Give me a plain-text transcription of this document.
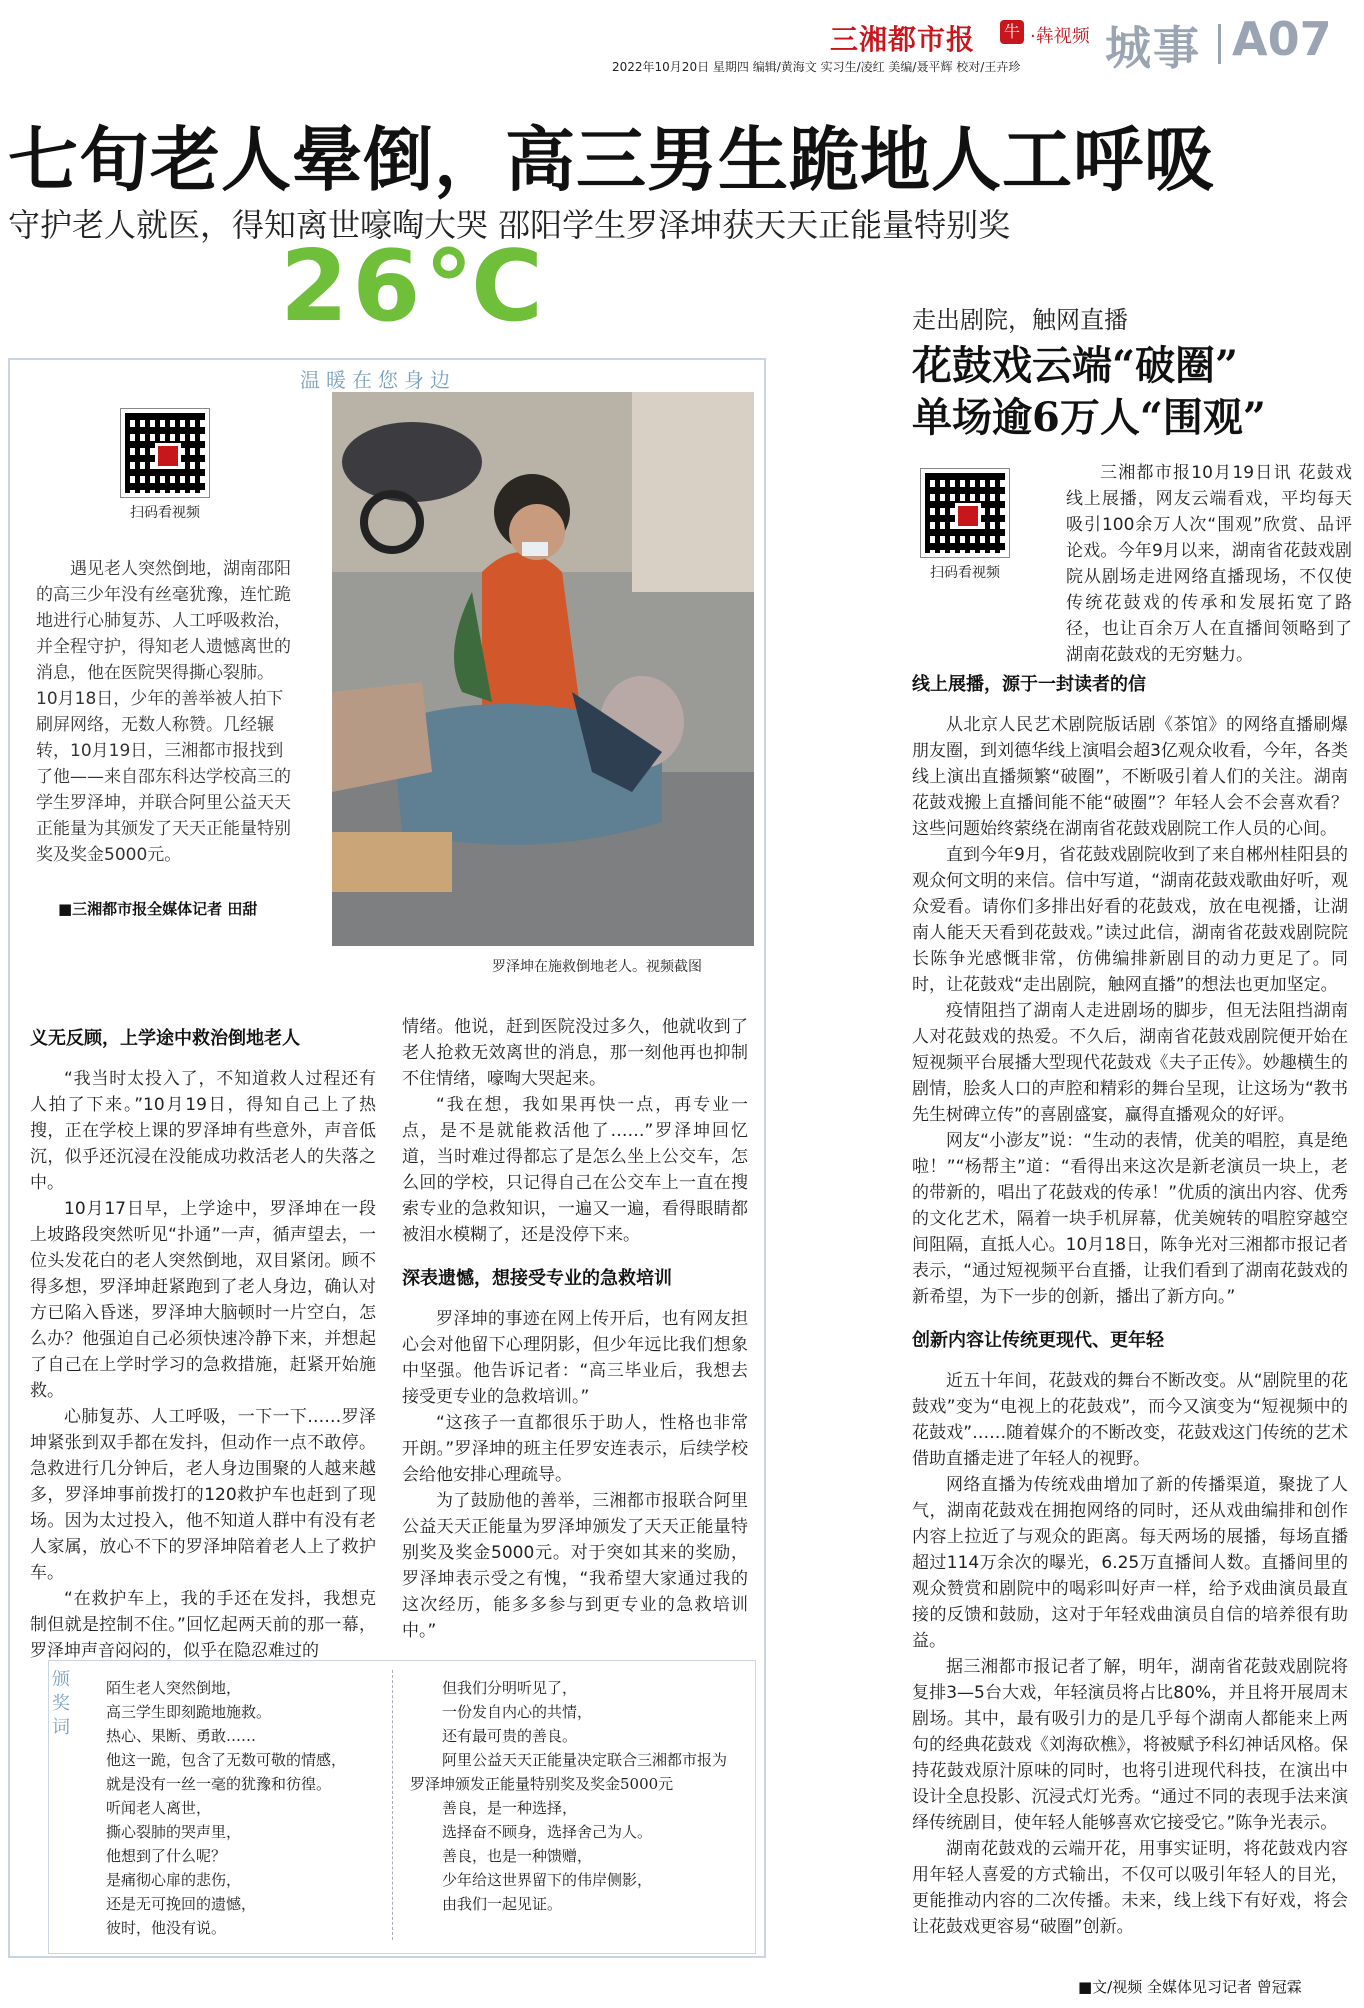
三湘都市报 牛 ·犇视频 城事 A07
2022年10月20日 星期四 编辑/黄海文 实习生/凌红 美编/聂平辉 校对/王卉珍
七旬老人晕倒，高三男生跪地人工呼吸
守护老人就医，得知离世嚎啕大哭 邵阳学生罗泽坤获天天正能量特别奖
26℃
温暖在您身边
扫码看视频
遇见老人突然倒地，湖南邵阳的高三少年没有丝毫犹豫，连忙跪地进行心肺复苏、人工呼吸救治，并全程守护，得知老人遗憾离世的消息，他在医院哭得撕心裂肺。10月18日，少年的善举被人拍下刷屏网络，无数人称赞。几经辗转，10月19日，三湘都市报找到了他——来自邵东科达学校高三的学生罗泽坤，并联合阿里公益天天正能量为其颁发了天天正能量特别奖及奖金5000元。
■三湘都市报全媒体记者 田甜
罗泽坤在施救倒地老人。视频截图
义无反顾，上学途中救治倒地老人

“我当时太投入了，不知道救人过程还有人拍了下来。”10月19日，得知自己上了热搜，正在学校上课的罗泽坤有些意外，声音低沉，似乎还沉浸在没能成功救活老人的失落之中。

10月17日早，上学途中，罗泽坤在一段上坡路段突然听见“扑通”一声，循声望去，一位头发花白的老人突然倒地，双目紧闭。顾不得多想，罗泽坤赶紧跑到了老人身边，确认对方已陷入昏迷，罗泽坤大脑顿时一片空白，怎么办？他强迫自己必须快速冷静下来，并想起了自己在上学时学习的急救措施，赶紧开始施救。

心肺复苏、人工呼吸，一下一下……罗泽坤紧张到双手都在发抖，但动作一点不敢停。急救进行几分钟后，老人身边围聚的人越来越多，罗泽坤事前拨打的120救护车也赶到了现场。因为太过投入，他不知道人群中有没有老人家属，放心不下的罗泽坤陪着老人上了救护车。

“在救护车上，我的手还在发抖，我想克制但就是控制不住。”回忆起两天前的那一幕，罗泽坤声音闷闷的，似乎在隐忍难过的

情绪。他说，赶到医院没过多久，他就收到了老人抢救无效离世的消息，那一刻他再也抑制不住情绪，嚎啕大哭起来。

“我在想，我如果再快一点，再专业一点，是不是就能救活他了……”罗泽坤回忆道，当时难过得都忘了是怎么坐上公交车，怎么回的学校，只记得自己在公交车上一直在搜索专业的急救知识，一遍又一遍，看得眼睛都被泪水模糊了，还是没停下来。

深表遗憾，想接受专业的急救培训

罗泽坤的事迹在网上传开后，也有网友担心会对他留下心理阴影，但少年远比我们想象中坚强。他告诉记者：“高三毕业后，我想去接受更专业的急救培训。”

“这孩子一直都很乐于助人，性格也非常开朗。”罗泽坤的班主任罗安连表示，后续学校会给他安排心理疏导。

为了鼓励他的善举，三湘都市报联合阿里公益天天正能量为罗泽坤颁发了天天正能量特别奖及奖金5000元。对于突如其来的奖励，罗泽坤表示受之有愧，“我希望大家通过我的这次经历，能多多参与到更专业的急救培训中。”

颁奖词
陌生老人突然倒地，
高三学生即刻跪地施救。
热心、果断、勇敢……
他这一跪，包含了无数可敬的情感，
就是没有一丝一毫的犹豫和彷徨。
听闻老人离世，
撕心裂肺的哭声里，
他想到了什么呢？
是痛彻心扉的悲伤，
还是无可挽回的遗憾，
彼时，他没有说。
但我们分明听见了，
一份发自内心的共情，
还有最可贵的善良。
阿里公益天天正能量决定联合三湘都市报为罗泽坤颁发正能量特别奖及奖金5000元
善良，是一种选择，
选择奋不顾身，选择舍己为人。
善良，也是一种馈赠，
少年给这世界留下的伟岸侧影，
由我们一起见证。
走出剧院，触网直播
花鼓戏云端“破圈”
单场逾6万人“围观”
扫码看视频
三湘都市报10月19日讯 花鼓戏线上展播，网友云端看戏，平均每天吸引100余万人次“围观”欣赏、品评论戏。今年9月以来，湖南省花鼓戏剧院从剧场走进网络直播现场，不仅使传统花鼓戏的传承和发展拓宽了路径，也让百余万人在直播间领略到了湖南花鼓戏的无穷魅力。
线上展播，源于一封读者的信

从北京人民艺术剧院版话剧《茶馆》的网络直播刷爆朋友圈，到刘德华线上演唱会超3亿观众收看，今年，各类线上演出直播频繁“破圈”，不断吸引着人们的关注。湖南花鼓戏搬上直播间能不能“破圈”？年轻人会不会喜欢看？这些问题始终萦绕在湖南省花鼓戏剧院工作人员的心间。

直到今年9月，省花鼓戏剧院收到了来自郴州桂阳县的观众何文明的来信。信中写道，“湖南花鼓戏歌曲好听，观众爱看。请你们多排出好看的花鼓戏，放在电视播，让湖南人能天天看到花鼓戏。”读过此信，湖南省花鼓戏剧院院长陈争光感慨非常，仿佛编排新剧目的动力更足了。同时，让花鼓戏“走出剧院，触网直播”的想法也更加坚定。

疫情阻挡了湖南人走进剧场的脚步，但无法阻挡湖南人对花鼓戏的热爱。不久后，湖南省花鼓戏剧院便开始在短视频平台展播大型现代花鼓戏《夫子正传》。妙趣横生的剧情，脍炙人口的声腔和精彩的舞台呈现，让这场为“教书先生树碑立传”的喜剧盛宴，赢得直播观众的好评。

网友“小澎友”说：“生动的表情，优美的唱腔，真是绝啦！”“杨帮主”道：“看得出来这次是新老演员一块上，老的带新的，唱出了花鼓戏的传承！”优质的演出内容、优秀的文化艺术，隔着一块手机屏幕，优美婉转的唱腔穿越空间阻隔，直抵人心。10月18日，陈争光对三湘都市报记者表示，“通过短视频平台直播，让我们看到了湖南花鼓戏的新希望，为下一步的创新，播出了新方向。”

创新内容让传统更现代、更年轻

近五十年间，花鼓戏的舞台不断改变。从“剧院里的花鼓戏”变为“电视上的花鼓戏”，而今又演变为“短视频中的花鼓戏”……随着媒介的不断改变，花鼓戏这门传统的艺术借助直播走进了年轻人的视野。

网络直播为传统戏曲增加了新的传播渠道，聚拢了人气，湖南花鼓戏在拥抱网络的同时，还从戏曲编排和创作内容上拉近了与观众的距离。每天两场的展播，每场直播超过114万余次的曝光，6.25万直播间人数。直播间里的观众赞赏和剧院中的喝彩叫好声一样，给予戏曲演员最直接的反馈和鼓励，这对于年轻戏曲演员自信的培养很有助益。

据三湘都市报记者了解，明年，湖南省花鼓戏剧院将复排3—5台大戏，年轻演员将占比80%，并且将开展周末剧场。其中，最有吸引力的是几乎每个湖南人都能来上两句的经典花鼓戏《刘海砍樵》，将被赋予科幻神话风格。保持花鼓戏原汁原味的同时，也将引进现代科技，在演出中设计全息投影、沉浸式灯光秀。“通过不同的表现手法来演绎传统剧目，使年轻人能够喜欢它接受它。”陈争光表示。

湖南花鼓戏的云端开花，用事实证明，将花鼓戏内容用年轻人喜爱的方式输出，不仅可以吸引年轻人的目光，更能推动内容的二次传播。未来，线上线下有好戏，将会让花鼓戏更容易“破圈”创新。

■文/视频 全媒体见习记者 曾冠霖
